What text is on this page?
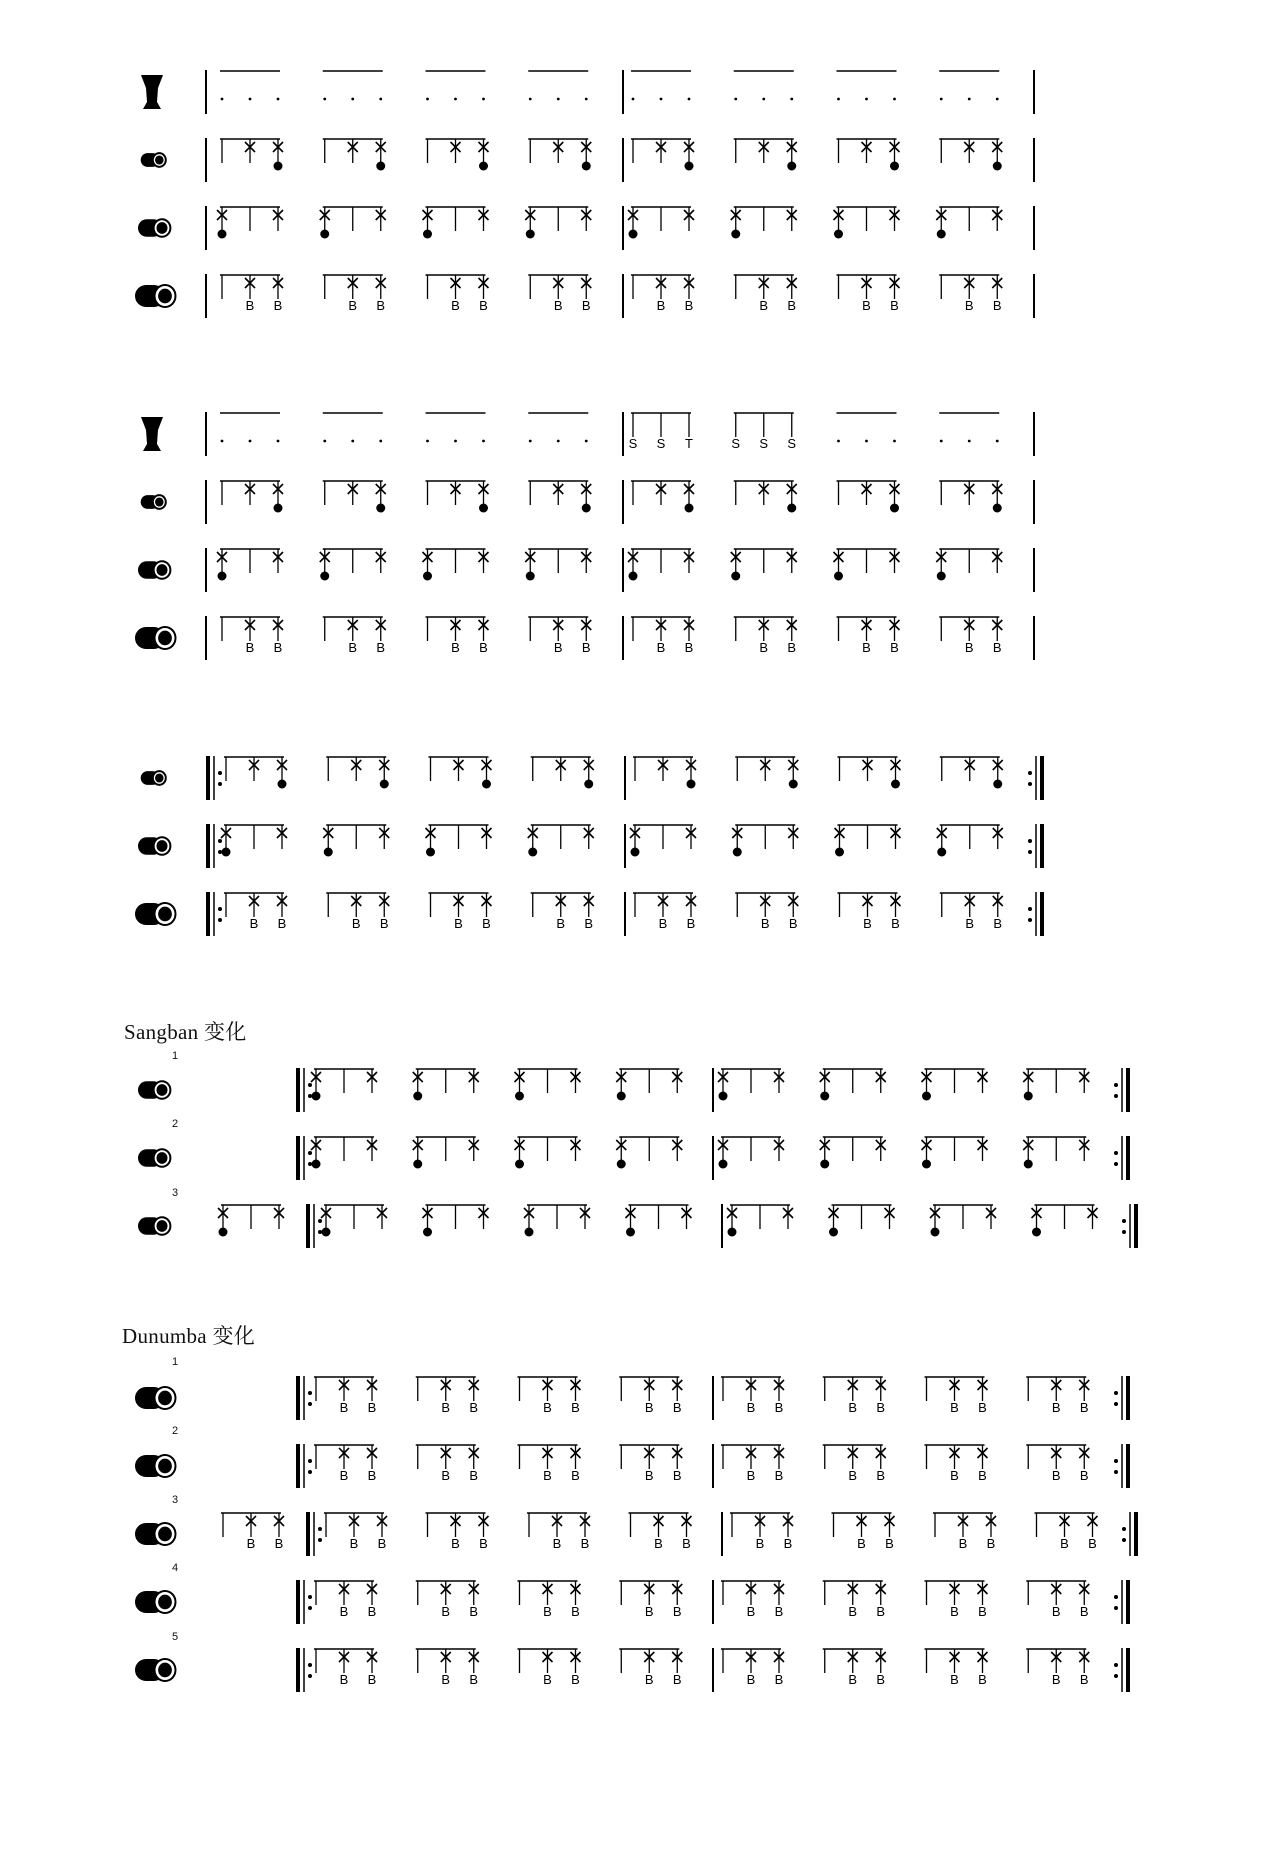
Sangban 变化
Dunumba 变化
1
2
3
1
2
3
4
5
B B	B B	B B	B B	B B	B B	B B	B B
S S T	S S S
B B	B B	B B	B B	B B	B B	B B	B B
B B	B B	B B	B B	B B	B B	B B	B B
B B	B B	B B	B B	B B	B B	B B	B B
B B	B B	B B	B B	B B	B B	B B	B B
B B	B B	B B	B B	B B	B B	B B	B B	B B
B B	B B	B B	B B	B B	B B	B B	B B
B B	B B	B B	B B	B B	B B	B B	B B
